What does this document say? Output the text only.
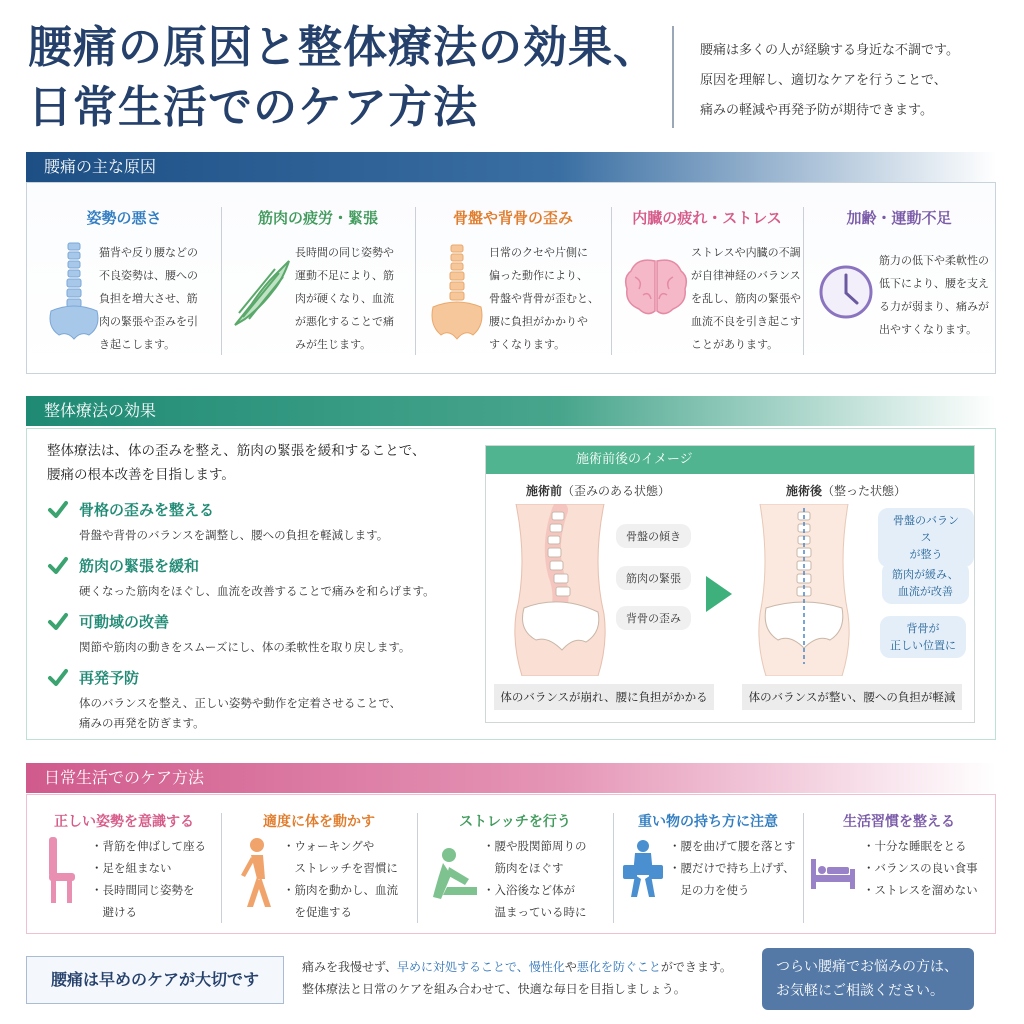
腰痛の原因と整体療法の効果、
日常生活でのケア方法
腰痛は多くの人が経験する身近な不調です。
原因を理解し、適切なケアを行うことで、
痛みの軽減や再発予防が期待できます。
腰痛の主な原因
姿勢の悪さ
猫背や反り腰などの
不良姿勢は、腰への
負担を増大させ、筋
肉の緊張や歪みを引
き起こします。
筋肉の疲労・緊張
長時間の同じ姿勢や
運動不足により、筋
肉が硬くなり、血流
が悪化することで痛
みが生じます。
骨盤や背骨の歪み
日常のクセや片側に
偏った動作により、
骨盤や背骨が歪むと、
腰に負担がかかりや
すくなります。
内臓の疲れ・ストレス
ストレスや内臓の不調
が自律神経のバランス
を乱し、筋肉の緊張や
血流不良を引き起こす
ことがあります。
加齢・運動不足
筋力の低下や柔軟性の
低下により、腰を支え
る力が弱まり、痛みが
出やすくなります。
整体療法の効果
整体療法は、体の歪みを整え、筋肉の緊張を緩和することで、
腰痛の根本改善を目指します。
骨格の歪みを整える
骨盤や背骨のバランスを調整し、腰への負担を軽減します。
筋肉の緊張を緩和
硬くなった筋肉をほぐし、血流を改善することで痛みを和らげます。
可動域の改善
関節や筋肉の動きをスムーズにし、体の柔軟性を取り戻します。
再発予防
体のバランスを整え、正しい姿勢や動作を定着させることで、
痛みの再発を防ぎます。
施術前後のイメージ
施術前（歪みのある状態）	施術後（整った状態）
骨盤の傾き
筋肉の緊張
背骨の歪み
骨盤のバランス
が整う
筋肉が緩み、
血流が改善
背骨が
正しい位置に
体のバランスが崩れ、腰に負担がかかる	体のバランスが整い、腰への負担が軽減
日常生活でのケア方法
正しい姿勢を意識する
・背筋を伸ばして座る
・足を組まない
・長時間同じ姿勢を
　避ける
適度に体を動かす
・ウォーキングや
　ストレッチを習慣に
・筋肉を動かし、血流
　を促進する
ストレッチを行う
・腰や股関節周りの
　筋肉をほぐす
・入浴後など体が
　温まっている時に
重い物の持ち方に注意
・腰を曲げて腰を落とす
・腰だけで持ち上げず、
　足の力を使う
生活習慣を整える
・十分な睡眠をとる
・バランスの良い食事
・ストレスを溜めない
腰痛は早めのケアが大切です
痛みを我慢せず、早めに対処することで、慢性化や悪化を防ぐことができます。
整体療法と日常のケアを組み合わせて、快適な毎日を目指しましょう。
つらい腰痛でお悩みの方は、
お気軽にご相談ください。
